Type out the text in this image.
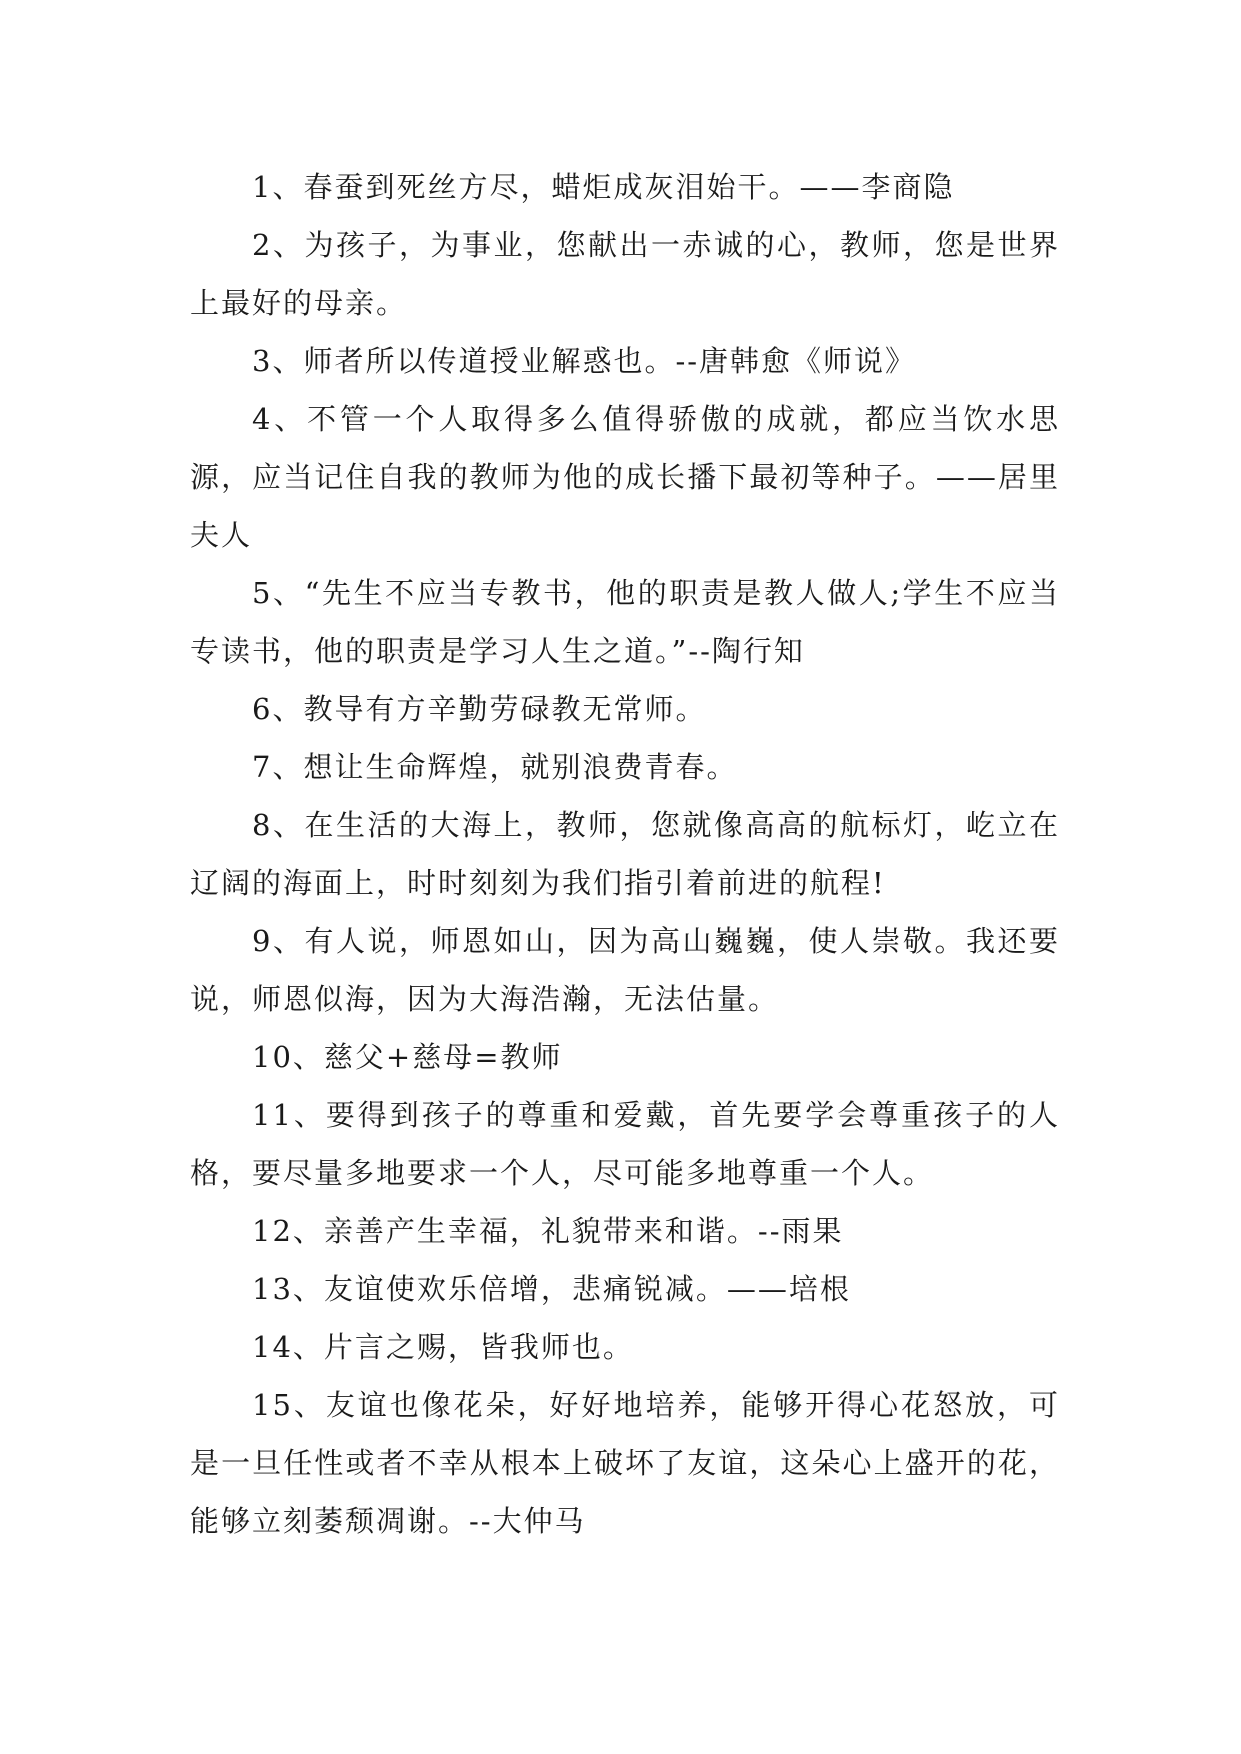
1、春蚕到死丝方尽，蜡炬成灰泪始干。——李商隐

2、为孩子，为事业，您献出一赤诚的心，教师，您是世界上最好的母亲。

3、师者所以传道授业解惑也。--唐韩愈《师说》

4、不管一个人取得多么值得骄傲的成就，都应当饮水思源，应当记住自我的教师为他的成长播下最初等种子。——居里夫人

5、“先生不应当专教书，他的职责是教人做人;学生不应当专读书，他的职责是学习人生之道。”--陶行知

6、教导有方辛勤劳碌教无常师。

7、想让生命辉煌，就别浪费青春。

8、在生活的大海上，教师，您就像高高的航标灯，屹立在辽阔的海面上，时时刻刻为我们指引着前进的航程!

9、有人说，师恩如山，因为高山巍巍，使人崇敬。我还要说，师恩似海，因为大海浩瀚，无法估量。

10、慈父+慈母=教师

11、要得到孩子的尊重和爱戴，首先要学会尊重孩子的人格，要尽量多地要求一个人，尽可能多地尊重一个人。

12、亲善产生幸福，礼貌带来和谐。--雨果

13、友谊使欢乐倍增，悲痛锐减。——培根

14、片言之赐，皆我师也。

15、友谊也像花朵，好好地培养，能够开得心花怒放，可是一旦任性或者不幸从根本上破坏了友谊，这朵心上盛开的花，能够立刻萎颓凋谢。--大仲马
